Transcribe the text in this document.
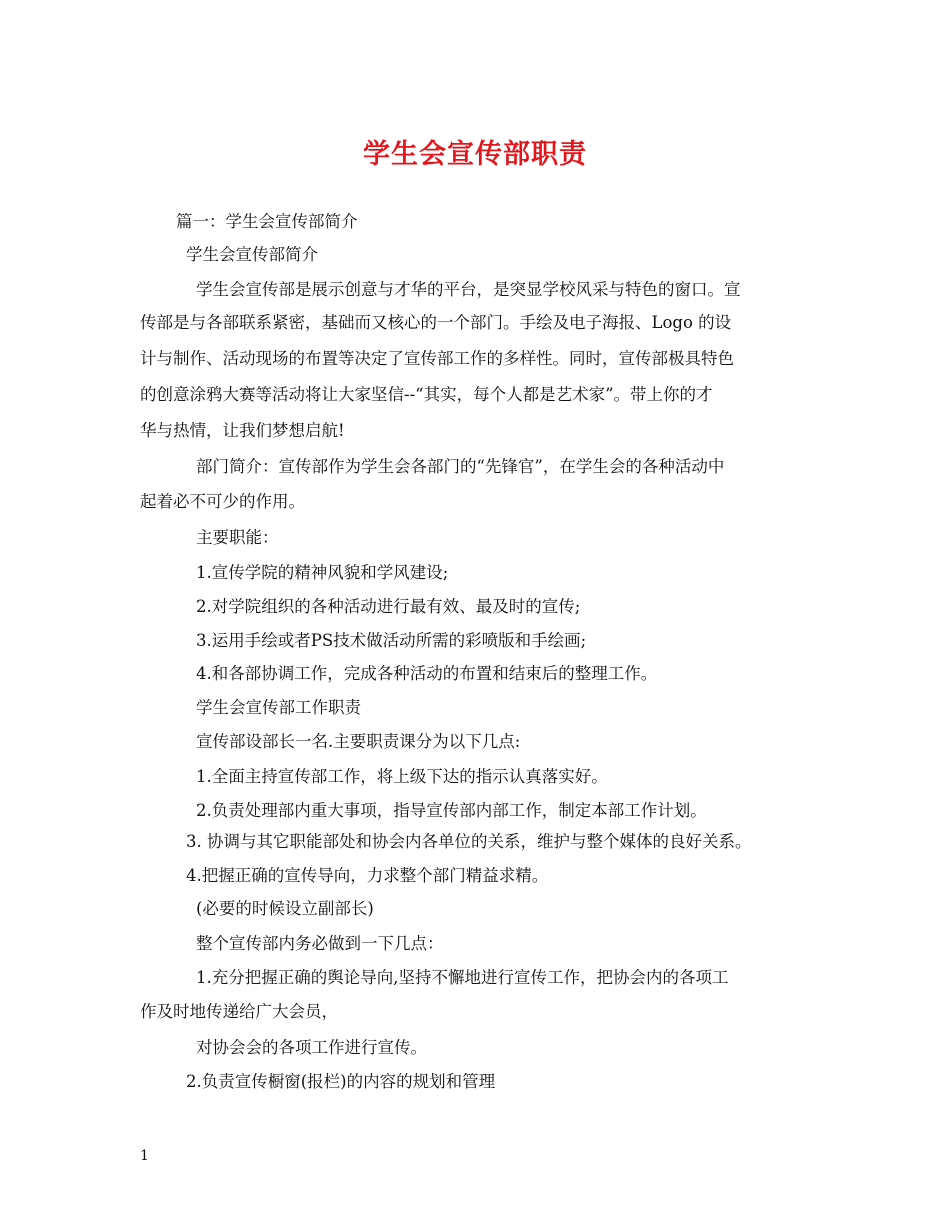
学生会宣传部职责
篇一：学生会宣传部简介
学生会宣传部简介
学生会宣传部是展示创意与才华的平台，是突显学校风采与特色的窗口。宣
传部是与各部联系紧密，基础而又核心的一个部门。手绘及电子海报、Logo 的设
计与制作、活动现场的布置等决定了宣传部工作的多样性。同时，宣传部极具特色
的创意涂鸦大赛等活动将让大家坚信--“其实，每个人都是艺术家”。带上你的才
华与热情，让我们梦想启航!
部门简介：宣传部作为学生会各部门的“先锋官”，在学生会的各种活动中
起着必不可少的作用。
主要职能：
1.宣传学院的精神风貌和学风建设;
2.对学院组织的各种活动进行最有效、最及时的宣传;
3.运用手绘或者PS技术做活动所需的彩喷版和手绘画;
4.和各部协调工作，完成各种活动的布置和结束后的整理工作。
学生会宣传部工作职责
宣传部设部长一名.主要职责课分为以下几点:
1.全面主持宣传部工作，将上级下达的指示认真落实好。
2.负责处理部内重大事项，指导宣传部内部工作，制定本部工作计划。
3. 协调与其它职能部处和协会内各单位的关系，维护与整个媒体的良好关系。
4.把握正确的宣传导向，力求整个部门精益求精。
(必要的时候设立副部长)
整个宣传部内务必做到一下几点：
1.充分把握正确的舆论导向,坚持不懈地进行宣传工作，把协会内的各项工
作及时地传递给广大会员，
对协会会的各项工作进行宣传。
2.负责宣传橱窗(报栏)的内容的规划和管理
1
